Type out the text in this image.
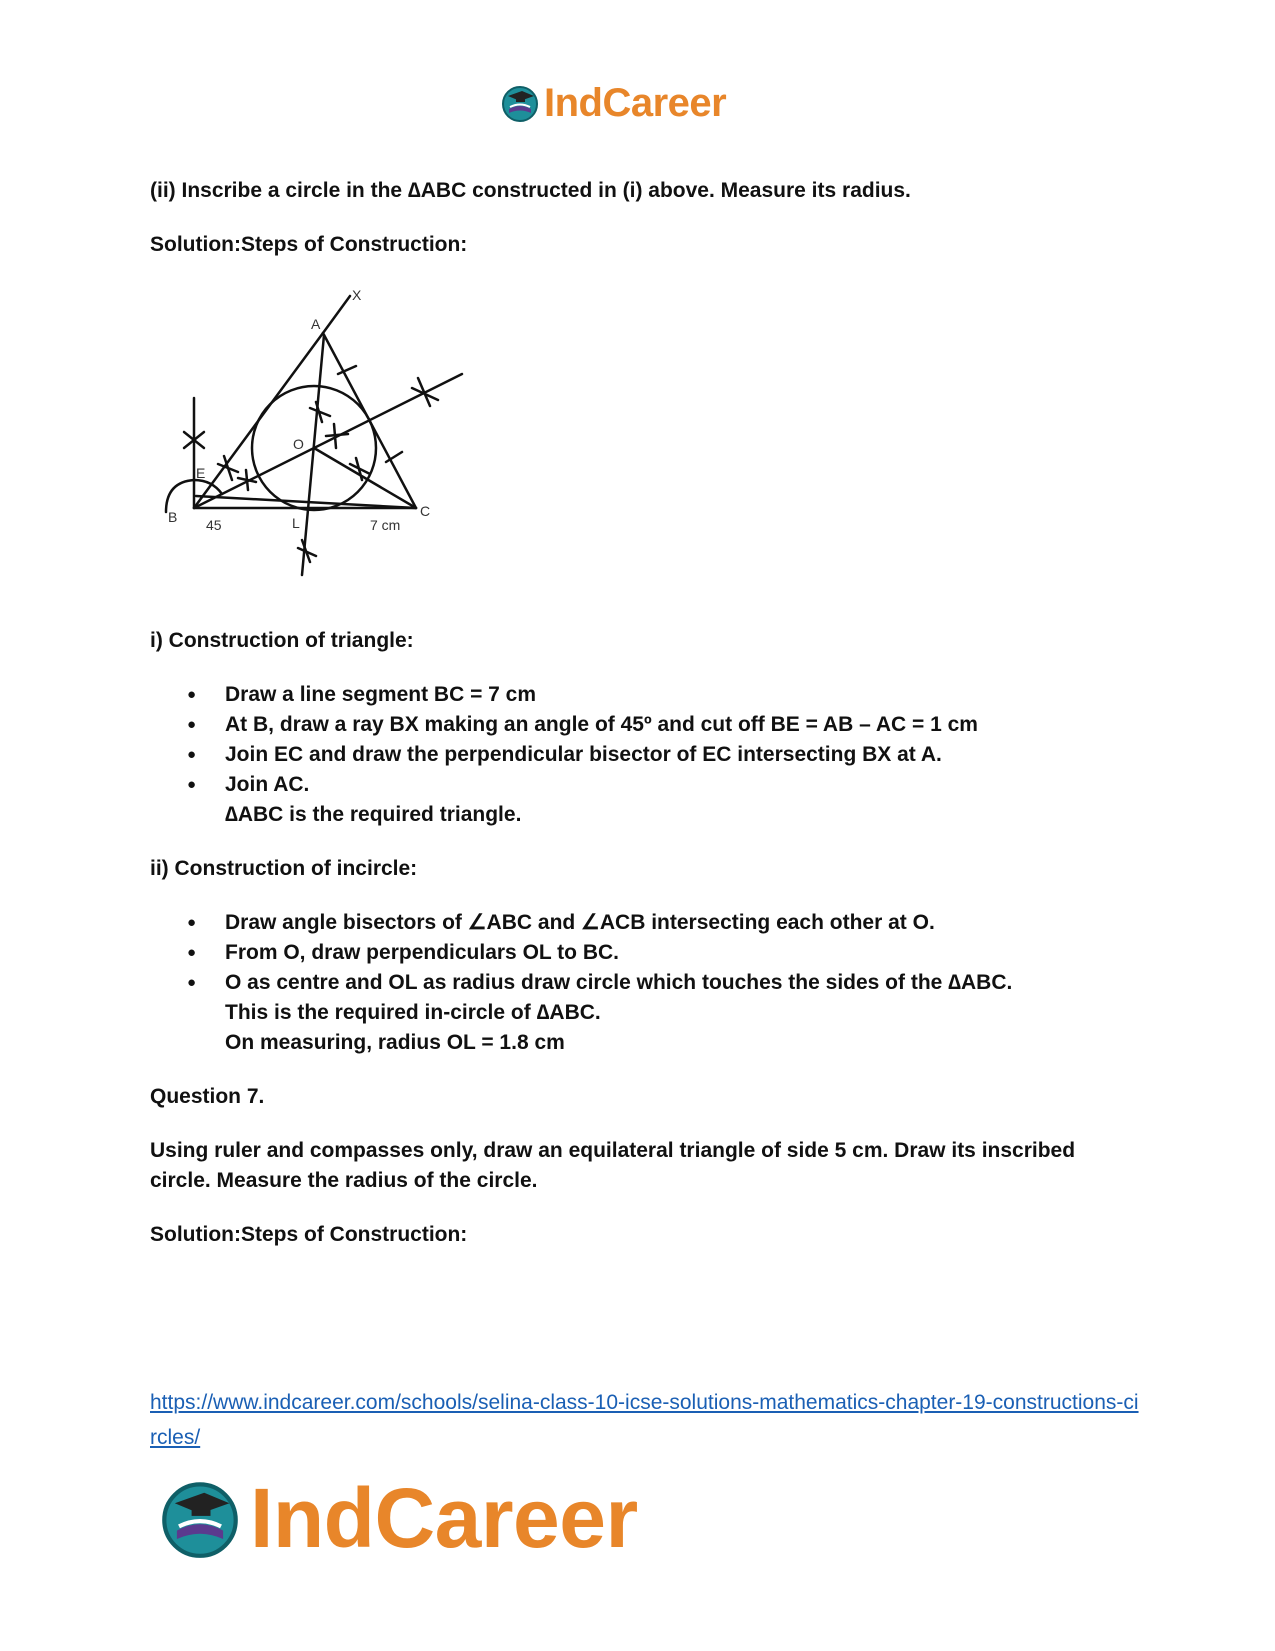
IndCareer
X
A
O
E
B	C
L
45	7 cm

(ii) Inscribe a circle in the ∆ABC constructed in (i) above. Measure its radius.

Solution:Steps of Construction:

i) Construction of triangle:

● Draw a line segment BC = 7 cm
● At B, draw a ray BX making an angle of 45º and cut off BE = AB – AC = 1 cm
● Join EC and draw the perpendicular bisector of EC intersecting BX at A.
● Join AC.
∆ABC is the required triangle.

ii) Construction of incircle:

● Draw angle bisectors of ∠ABC and ∠ACB intersecting each other at O.
● From O, draw perpendiculars OL to BC.
● O as centre and OL as radius draw circle which touches the sides of the ∆ABC.
This is the required in-circle of ∆ABC.
On measuring, radius OL = 1.8 cm

Question 7.

Using ruler and compasses only, draw an equilateral triangle of side 5 cm. Draw its inscribed circle. Measure the radius of the circle.

Solution:Steps of Construction:

https://www.indcareer.com/schools/selina-class-10-icse-solutions-mathematics-chapter-19-constructions-circles/
IndCareer
